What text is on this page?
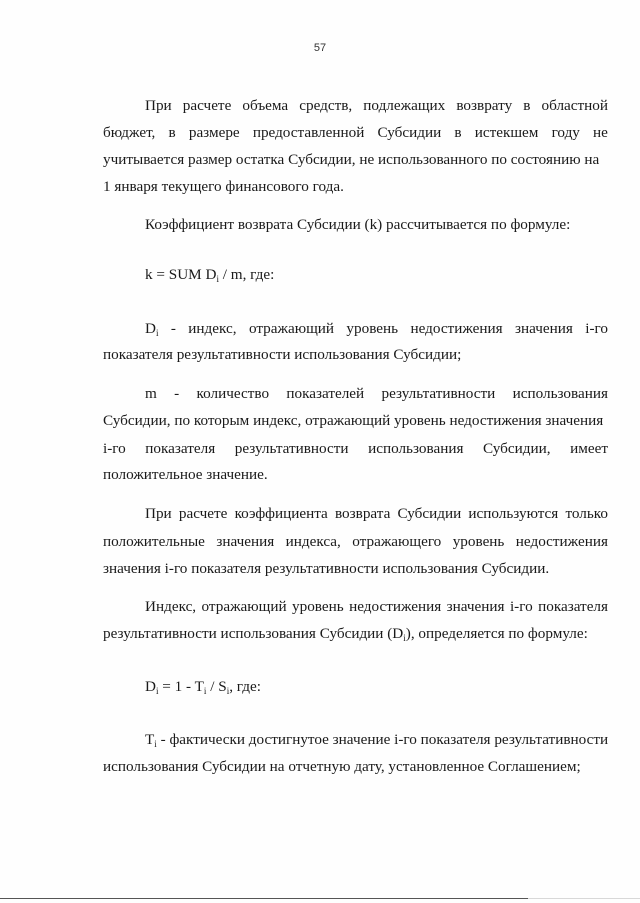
57
При расчете объема средств, подлежащих возврату в областной
бюджет, в размере предоставленной Субсидии в истекшем году не
учитывается размер остатка Субсидии, не использованного по состоянию на
1 января текущего финансового года.
Коэффициент возврата Субсидии (k) рассчитывается по формуле:
k = SUM $D_i$ / m, где:
$D_i$ - индекс, отражающий уровень недостижения значения i-го
показателя результативности использования Субсидии;
m - количество показателей результативности использования
Субсидии, по которым индекс, отражающий уровень недостижения значения
i-го показателя результативности использования Субсидии, имеет
положительное значение.
При расчете коэффициента возврата Субсидии используются только
положительные значения индекса, отражающего уровень недостижения
значения i-го показателя результативности использования Субсидии.
Индекс, отражающий уровень недостижения значения i-го показателя
результативности использования Субсидии $(D_i)$, определяется по формуле:
$D_i = 1 - T_i / S_i$, где:
$T_i$ - фактически достигнутое значение i-го показателя результативности
использования Субсидии на отчетную дату, установленное Соглашением;
